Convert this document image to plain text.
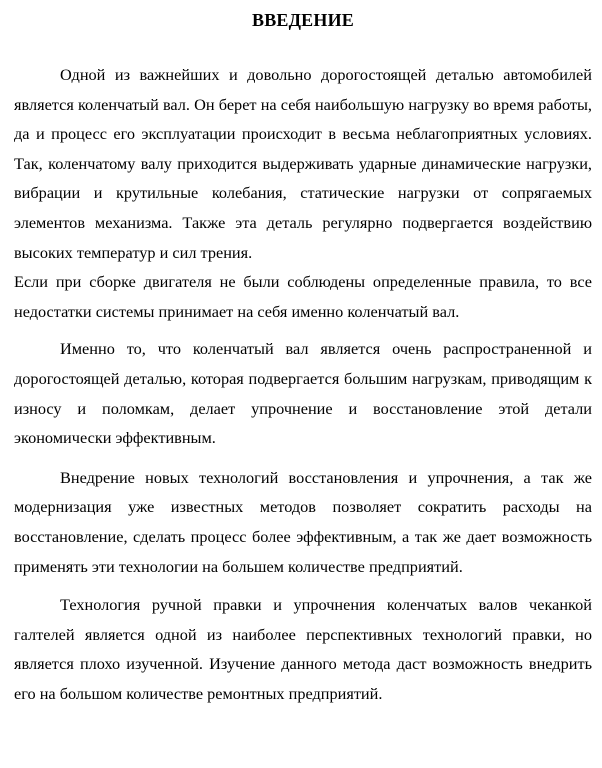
ВВЕДЕНИЕ

Одной из важнейших и довольно дорогостоящей деталью автомобилей является коленчатый вал. Он берет на себя наибольшую нагрузку во время работы, да и процесс его эксплуатации происходит в весьма неблагоприятных условиях. Так, коленчатому валу приходится выдерживать ударные динамические нагрузки, вибрации и крутильные колебания, статические нагрузки от сопрягаемых элементов механизма. Также эта деталь регулярно подвергается воздействию высоких температур и сил трения.

Если при сборке двигателя не были соблюдены определенные правила, то все недостатки системы принимает на себя именно коленчатый вал.

Именно то, что коленчатый вал является очень распространенной и дорогостоящей деталью, которая подвергается большим нагрузкам, приводящим к износу и поломкам, делает упрочнение и восстановление этой детали экономически эффективным.

Внедрение новых технологий восстановления и упрочнения, а так же модернизация уже известных методов позволяет сократить расходы на восстановление, сделать процесс более эффективным, а так же дает возможность применять эти технологии на большем количестве предприятий.

Технология ручной правки и упрочнения коленчатых валов чеканкой галтелей является одной из наиболее перспективных технологий правки, но является плохо изученной. Изучение данного метода даст возможность внедрить его на большом количестве ремонтных предприятий.
